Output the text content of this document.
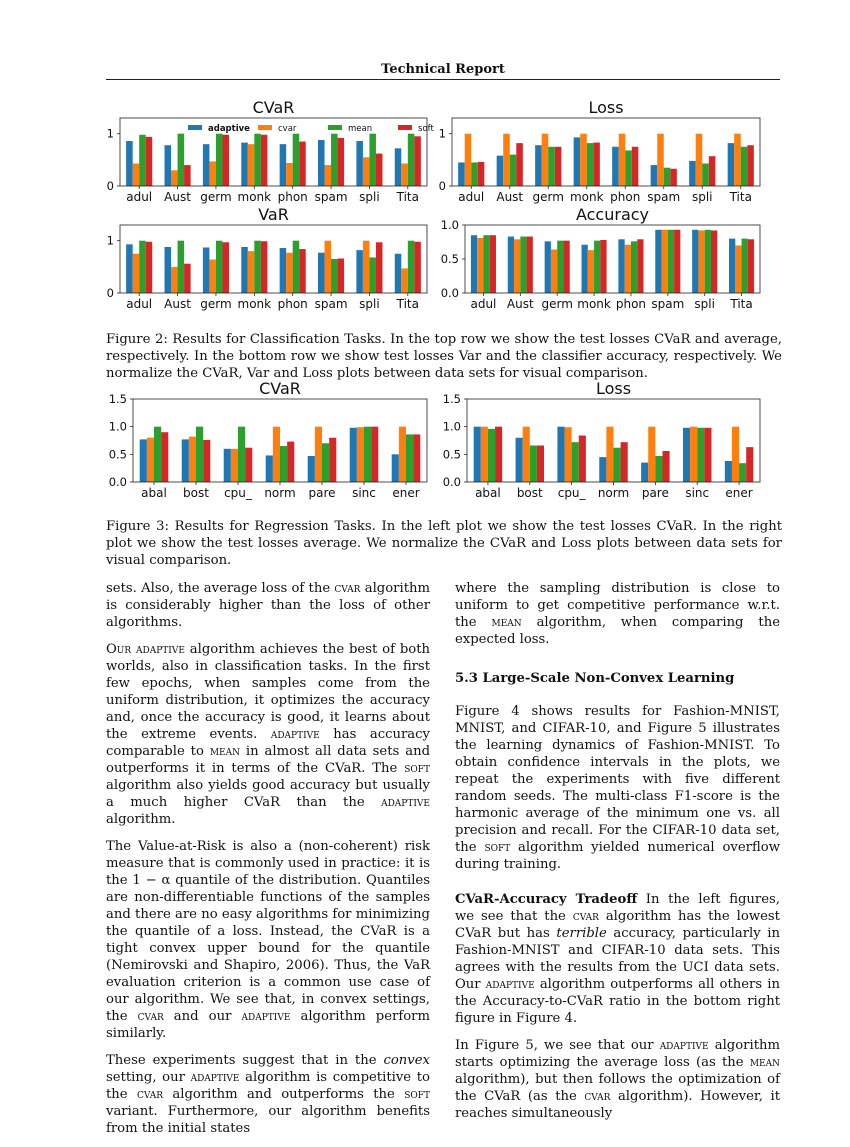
Technical Report
CVaR
0
1
adul Aust germ monk phon spam spli Tita
adaptive	cvar	mean	soft
Loss
0
1
adul Aust germ monk phon spam spli Tita
VaR
0
1
adul Aust germ monk phon spam spli Tita
Accuracy
0.0
0.5
1.0
adul Aust germ monk phon spam spli Tita
Figure 2: Results for Classification Tasks. In the top row we show the test losses CVaR and average, respectively. In the bottom row we show test losses Var and the classifier accuracy, respectively. We normalize the CVaR, Var and Loss plots between data sets for visual comparison.
CVaR
0.0
0.5
1.0
1.5
abal bost cpu_ norm pare sinc ener
Loss
0.0
0.5
1.0
1.5
abal bost cpu_ norm pare sinc ener
Figure 3: Results for Regression Tasks. In the left plot we show the test losses CVaR. In the right plot we show the test losses average. We normalize the CVaR and Loss plots between data sets for visual comparison.

sets. Also, the average loss of the cvar algorithm is considerably higher than the loss of other algorithms.

Our adaptive algorithm achieves the best of both worlds, also in classification tasks. In the first few epochs, when samples come from the uniform distribution, it optimizes the accuracy and, once the accuracy is good, it learns about the extreme events. adaptive has accuracy comparable to mean in almost all data sets and outperforms it in terms of the CVaR. The soft algorithm also yields good accuracy but usually a much higher CVaR than the adaptive algorithm.

The Value-at-Risk is also a (non-coherent) risk measure that is commonly used in practice: it is the 1 − α quantile of the distribution. Quantiles are non-differentiable functions of the samples and there are no easy algorithms for minimizing the quantile of a loss. Instead, the CVaR is a tight convex upper bound for the quantile (Nemirovski and Shapiro, 2006). Thus, the VaR evaluation criterion is a common use case of our algorithm. We see that, in convex settings, the cvar and our adaptive algorithm perform similarly.

These experiments suggest that in the convex setting, our adaptive algorithm is competitive to the cvar algorithm and outperforms the soft variant. Furthermore, our algorithm benefits from the initial states

where the sampling distribution is close to uniform to get competitive performance w.r.t. the mean algorithm, when comparing the expected loss.

5.3 Large-Scale Non-Convex Learning

Figure 4 shows results for Fashion-MNIST, MNIST, and CIFAR-10, and Figure 5 illustrates the learning dynamics of Fashion-MNIST. To obtain confidence intervals in the plots, we repeat the experiments with five different random seeds. The multi-class F1-score is the harmonic average of the minimum one vs. all precision and recall. For the CIFAR-10 data set, the soft algorithm yielded numerical overflow during training.

CVaR-Accuracy Tradeoff In the left figures, we see that the cvar algorithm has the lowest CVaR but has terrible accuracy, particularly in Fashion-MNIST and CIFAR-10 data sets. This agrees with the results from the UCI data sets. Our adaptive algorithm outperforms all others in the Accuracy-to-CVaR ratio in the bottom right figure in Figure 4.

In Figure 5, we see that our adaptive algorithm starts optimizing the average loss (as the mean algorithm), but then follows the optimization of the CVaR (as the cvar algorithm). However, it reaches simultaneously
